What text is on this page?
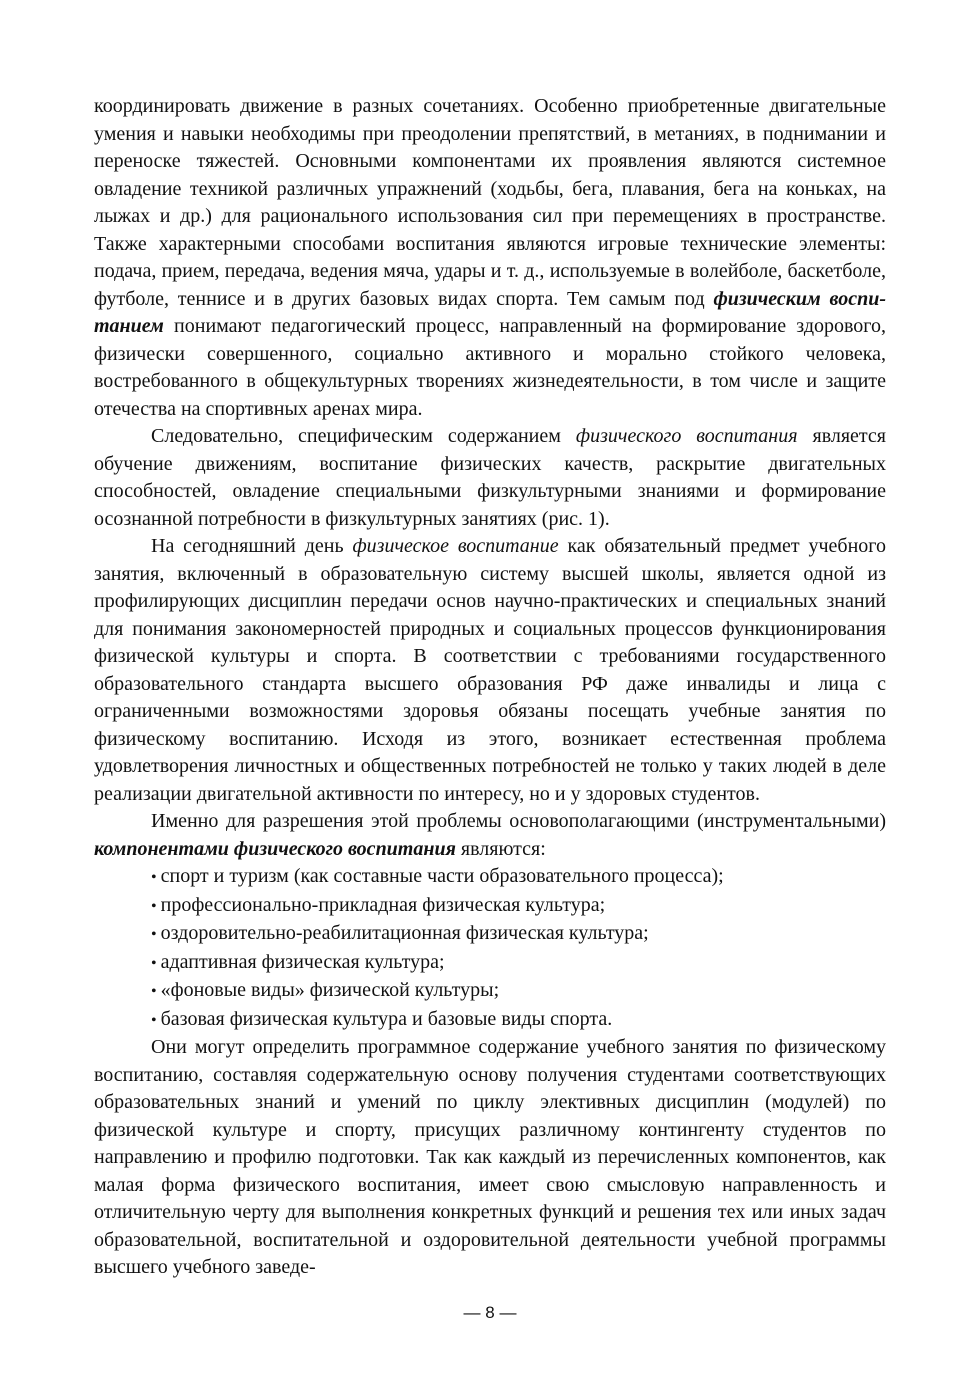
координировать движение в разных сочетаниях. Особенно приобретенные двигательные умения и навыки необходимы при преодолении препятствий, в метаниях, в поднимании и переноске тяжестей. Основными компонентами их проявления являются системное овладение техникой различных упражнений (ходьбы, бега, плавания, бега на коньках, на лыжах и др.) для рационального использования сил при перемещениях в пространстве. Также характерными способами воспитания являются игровые технические элементы: подача, прием, передача, ведения мяча, удары и т. д., используемые в волейболе, баскетболе, футболе, теннисе и в других базовых видах спорта. Тем самым под физическим воспитанием понимают педагогический процесс, направленный на формирование здорового, физически совершенного, социально активного и морально стойкого человека, востребованного в общекультурных творениях жизнедеятельности, в том числе и защите отечества на спортивных аренах мира.

Следовательно, специфическим содержанием физического воспитания является обучение движениям, воспитание физических качеств, раскрытие двигательных способностей, овладение специальными физкультурными знаниями и формирование осознанной потребности в физкультурных занятиях (рис. 1).

На сегодняшний день физическое воспитание как обязательный предмет учебного занятия, включенный в образовательную систему высшей школы, является одной из профилирующих дисциплин передачи основ научно-практических и специальных знаний для понимания закономерностей природных и социальных процессов функционирования физической культуры и спорта. В соответствии с требованиями государственного образовательного стандарта высшего образования РФ даже инвалиды и лица с ограниченными возможностями здоровья обязаны посещать учебные занятия по физическому воспитанию. Исходя из этого, возникает естественная проблема удовлетворения личностных и общественных потребностей не только у таких людей в деле реализации двигательной активности по интересу, но и у здоровых студентов.

Именно для разрешения этой проблемы основополагающими (инструментальными) компонентами физического воспитания являются:

• спорт и туризм (как составные части образовательного процесса);
• профессионально-прикладная физическая культура;
• оздоровительно-реабилитационная физическая культура;
• адаптивная физическая культура;
• «фоновые виды» физической культуры;
• базовая физическая культура и базовые виды спорта.

Они могут определить программное содержание учебного занятия по физическому воспитанию, составляя содержательную основу получения студентами соответствующих образовательных знаний и умений по циклу элективных дисциплин (модулей) по физической культуре и спорту, присущих различному контингенту студентов по направлению и профилю подготовки. Так как каждый из перечисленных компонентов, как малая форма физического воспитания, имеет свою смысловую направленность и отличительную черту для выполнения конкретных функций и решения тех или иных задач образовательной, воспитательной и оздоровительной деятельности учебной программы высшего учебного заведе-

— 8 —
